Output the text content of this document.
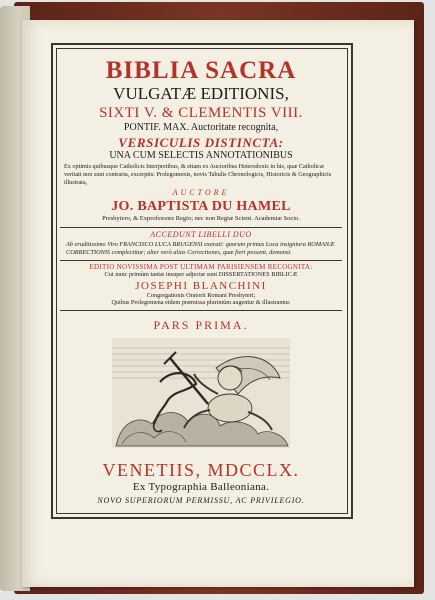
BIBLIA SACRA

VULGATÆ EDITIONIS,

SIXTI V. & CLEMENTIS VIII.

PONTIF. MAX. Auctoritate recognita,

VERSICULIS DISTINCTA:

UNA CUM SELECTIS ANNOTATIONIBUS

Ex optimis quibusque Catholicis Interpretibus, & etiam ex Auctoribus Heterodoxis in his, quæ Catholicæ veritati non sunt contraria, excerptis: Prolegomenis, novis Tabulis Chronologicis, Historicis & Geographicis illustrata,

AUCTORE

JO. BAPTISTA DU HAMEL

Presbytero, & Exprofessore Regio; nec non Regiæ Scient. Academiæ Socio.

ACCEDUNT LIBELLI DUO

Ab eruditissimo Viro FRANCISCO LUCA BRUGENSI exarati: quorum primus Loca insigniora ROMANÆ CORRECTIONIS complectitur; alter verò alias Correctiones, quæ fieri possent, demonst.

EDITIO NOVISSIMA POST ULTIMAM PARISIENSEM RECOGNITA:

Cui nunc primùm tantæ insuper adjectæ sunt DISSERTATIONES BIBLICÆ

JOSEPHI BLANCHINI

Congregationis Oratorii Romani Presbyteri;

Quibus Prolegomena eidem præmissa plurimùm augentur & illustrantur.

PARS PRIMA.

VENETIIS, MDCCLX.

Ex Typographia Balleoniana.

NOVO SUPERIORUM PERMISSU, AC PRIVILEGIO.
